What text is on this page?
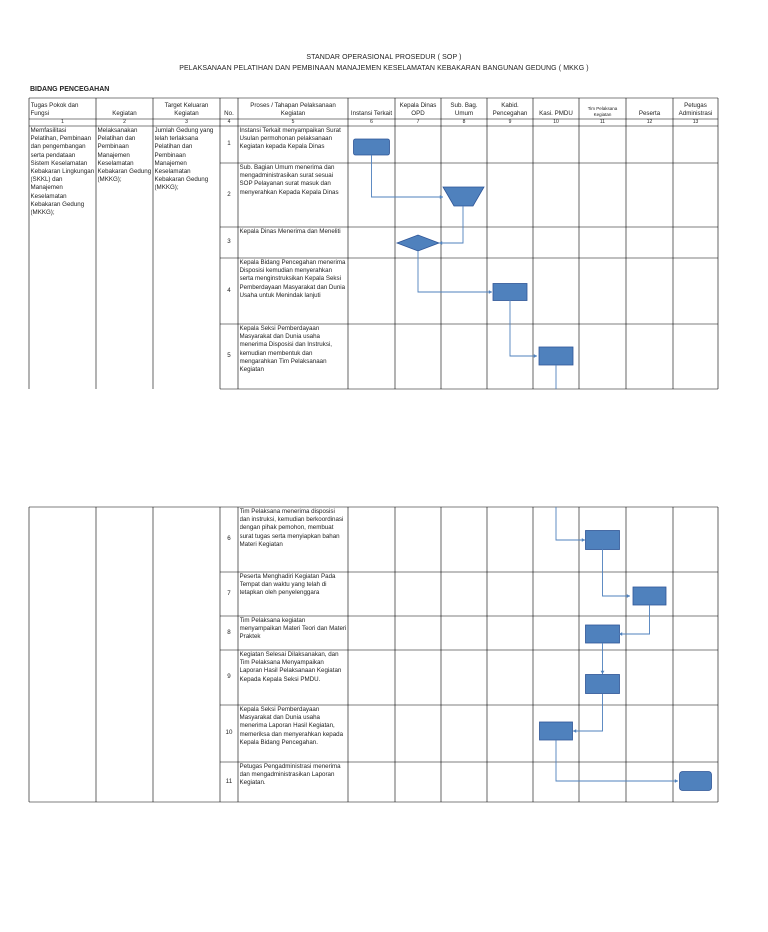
STANDAR OPERASIONAL PROSEDUR ( SOP )
PELAKSANAAN PELATIHAN DAN PEMBINAAN MANAJEMEN KESELAMATAN KEBAKARAN BANGUNAN GEDUNG ( MKKG )
BIDANG PENCEGAHAN
Tugas Pokok dan Fungsi
1
Kegiatan
2
Target Keluaran Kegiatan
3
No.
4
Proses / Tahapan Pelaksanaan Kegiatan
5
Instansi Terkait
6
Kepala Dinas OPD
7
Sub. Bag. Umum
8
Kabid. Pencegahan
9
Kasi. PMDU
10
Tim Pelaksana Kegiatan
11
Peserta
12
Petugas Administrasi
13
Memfasilitasi Pelatihan, Pembinaan dan pengembangan serta pendataan Sistem Keselamatan Kebakaran Lingkungan (SKKL) dan Manajemen Keselamatan Kebakaran Gedung (MKKG);
Melaksanakan Pelatihan dan Pembinaan Manajemen Keselamatan Kebakaran Gedung (MKKG);
Jumlah Gedung yang telah terlaksana Pelatihan dan Pembinaan Manajemen Keselamatan Kebakaran Gedung (MKKG);
1
Instansi Terkait menyampaikan Surat Usulan permohonan pelaksanaan Kegiatan kepada Kepala Dinas
2
Sub. Bagian Umum menerima dan mengadministrasikan surat sesuai SOP Pelayanan surat masuk dan menyerahkan Kepada Kepala Dinas
3
Kepala Dinas Menerima dan Meneliti
4
Kepala Bidang Pencegahan menerima Disposisi kemudian menyerahkan serta menginstruksikan Kepala Seksi Pemberdayaan Masyarakat dan Dunia Usaha untuk Menindak lanjuti
5
Kepala Seksi Pemberdayaan Masyarakat dan Dunia usaha menerima Disposisi dan Instruksi, kemudian membentuk dan mengarahkan Tim Pelaksanaan Kegiatan
6
Tim Pelaksana menerima disposisi dan instruksi, kemudian berkoordinasi dengan pihak pemohon, membuat surat tugas serta menyiapkan bahan Materi Kegiatan
7
Peserta Menghadiri Kegiatan Pada Tempat dan waktu yang telah di tetapkan oleh penyelenggara
8
Tim Pelaksana kegiatan menyampaikan Materi Teori dan Materi Praktek
9
Kegiatan Selesai Dilaksanakan, dan Tim Pelaksana Menyampaikan Laporan Hasil Pelaksanaan Kegiatan Kepada Kepala Seksi PMDU.
10
Kepala Seksi Pemberdayaan Masyarakat dan Dunia usaha menerima Laporan Hasil Kegiatan, memeriksa dan menyerahkan kepada Kepala Bidang Pencegahan.
11
Petugas Pengadministrasi menerima dan mengadministrasikan Laporan Kegiatan.
